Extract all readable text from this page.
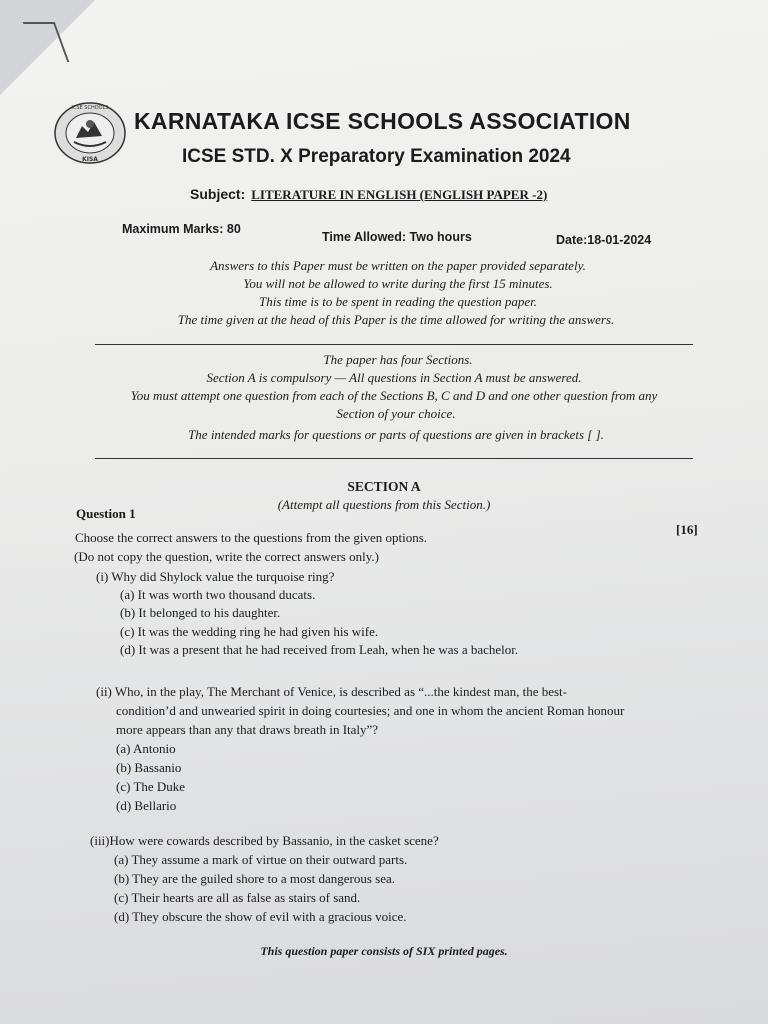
ICSE SCHOOLS
KISA
KARNATAKA ICSE SCHOOLS ASSOCIATION
ICSE STD. X Preparatory Examination 2024
Subject: LITERATURE IN ENGLISH (ENGLISH PAPER -2)
Maximum Marks: 80
Time Allowed: Two hours	Date:18-01-2024
Answers to this Paper must be written on the paper provided separately.
You will not be allowed to write during the first 15 minutes.
This time is to be spent in reading the question paper.
The time given at the head of this Paper is the time allowed for writing the answers.
The paper has four Sections.
Section A is compulsory — All questions in Section A must be answered.
You must attempt one question from each of the Sections B, C and D and one other question from any
Section of your choice.
The intended marks for questions or parts of questions are given in brackets [ ].
SECTION A
(Attempt all questions from this Section.)
Question 1
[16]
Choose the correct answers to the questions from the given options.
(Do not copy the question, write the correct answers only.)
(i) Why did Shylock value the turquoise ring?
(a) It was worth two thousand ducats.
(b) It belonged to his daughter.
(c) It was the wedding ring he had given his wife.
(d) It was a present that he had received from Leah, when he was a bachelor.
(ii) Who, in the play, The Merchant of Venice, is described as “...the kindest man, the best-
condition’d and unwearied spirit in doing courtesies; and one in whom the ancient Roman honour
more appears than any that draws breath in Italy”?
(a) Antonio
(b) Bassanio
(c) The Duke
(d) Bellario
(iii)How were cowards described by Bassanio, in the casket scene?
(a) They assume a mark of virtue on their outward parts.
(b) They are the guiled shore to a most dangerous sea.
(c) Their hearts are all as false as stairs of sand.
(d) They obscure the show of evil with a gracious voice.
This question paper consists of SIX printed pages.
